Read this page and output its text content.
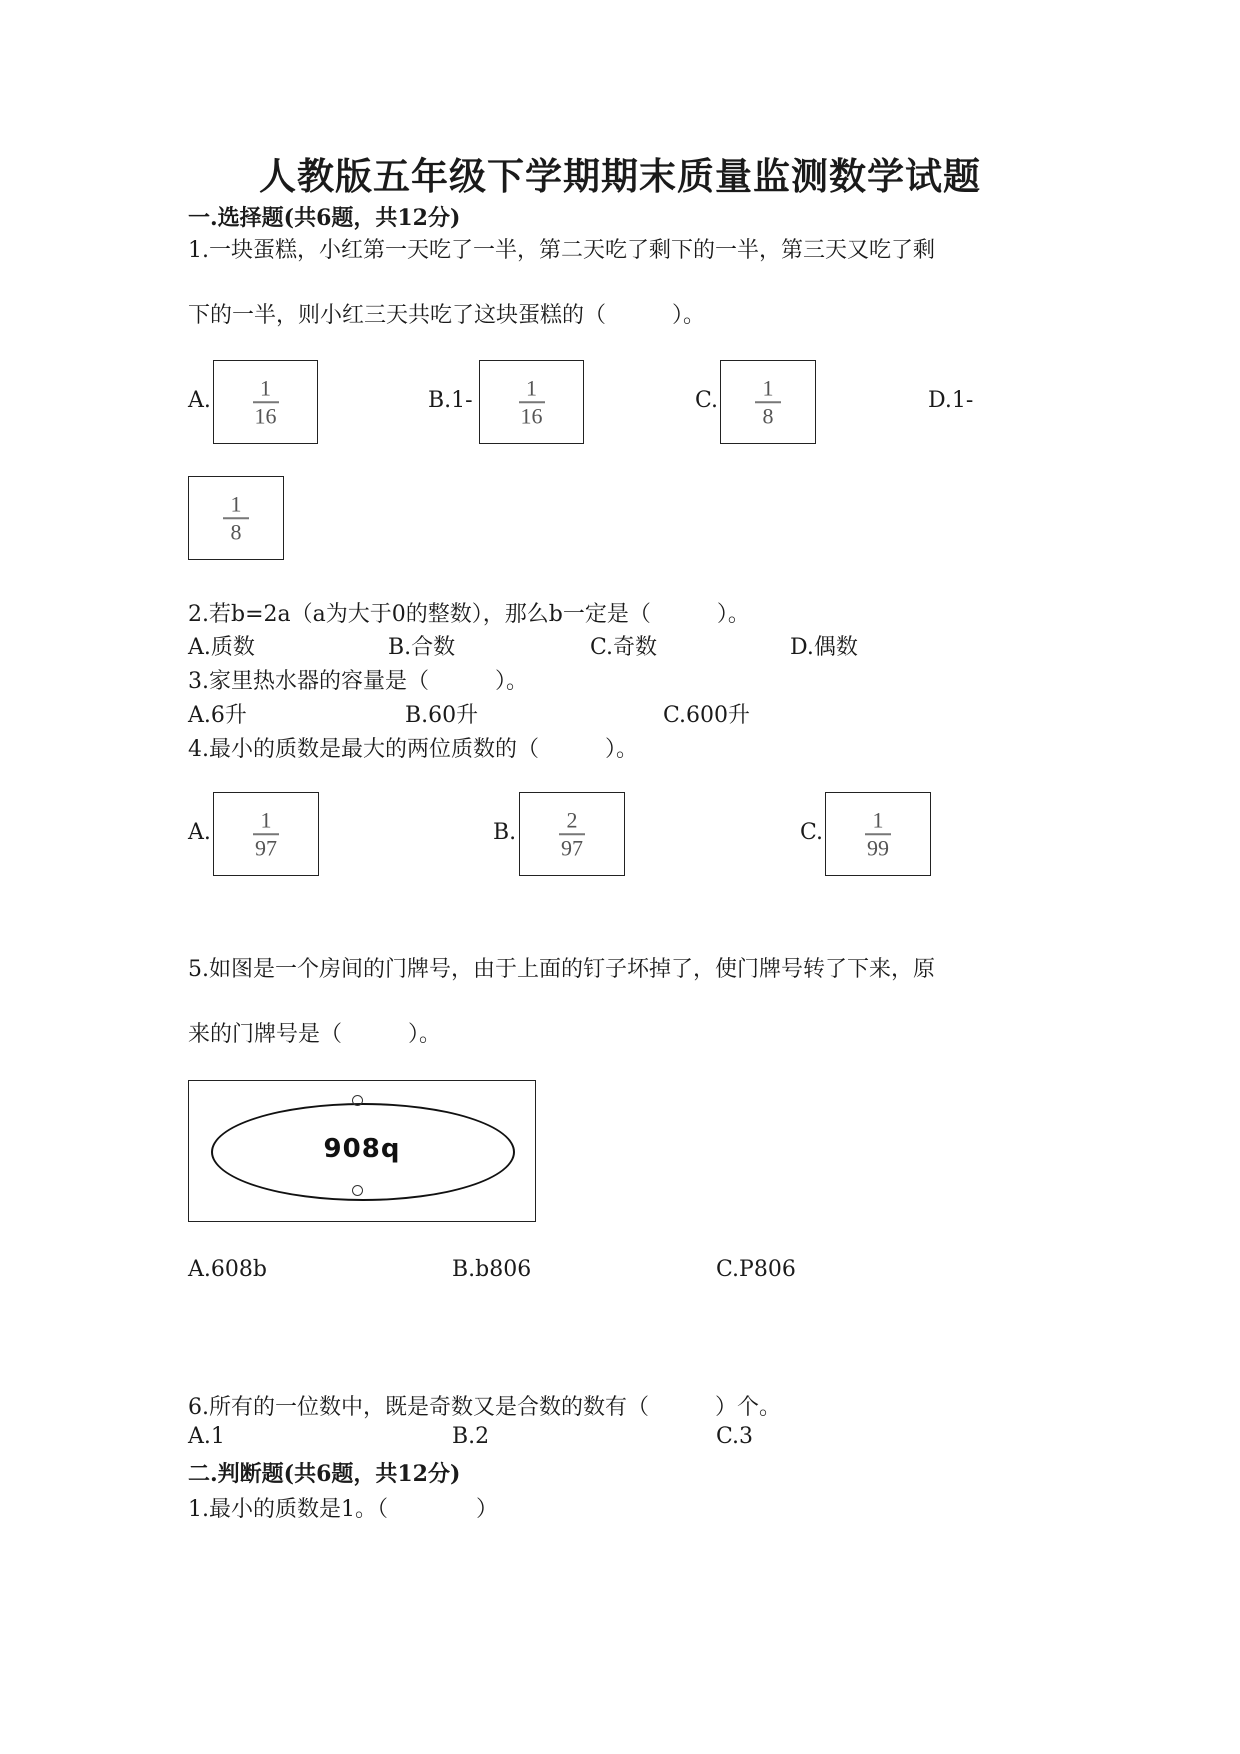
人教版五年级下学期期末质量监测数学试题
一.选择题(共6题，共12分)
1.一块蛋糕，小红第一天吃了一半，第二天吃了剩下的一半，第三天又吃了剩
下的一半，则小红三天共吃了这块蛋糕的（　　　）。
A.
1
16
B.1-
1
16
C.
1
8
D.1-
1
8
2.若b=2a（a为大于0的整数），那么b一定是（　　　）。
A.质数	B.合数	C.奇数	D.偶数
3.家里热水器的容量是（　　　）。
A.6升	B.60升	C.600升
4.最小的质数是最大的两位质数的（　　　）。
A.
1
97
B.
2
97
C.
1
99
5.如图是一个房间的门牌号，由于上面的钉子坏掉了，使门牌号转了下来，原
来的门牌号是（　　　）。
908q
A.608b	B.b806	C.P806
6.所有的一位数中，既是奇数又是合数的数有（　　　）个。
A.1	B.2	C.3
二.判断题(共6题，共12分)
1.最小的质数是1。（　　　　）
